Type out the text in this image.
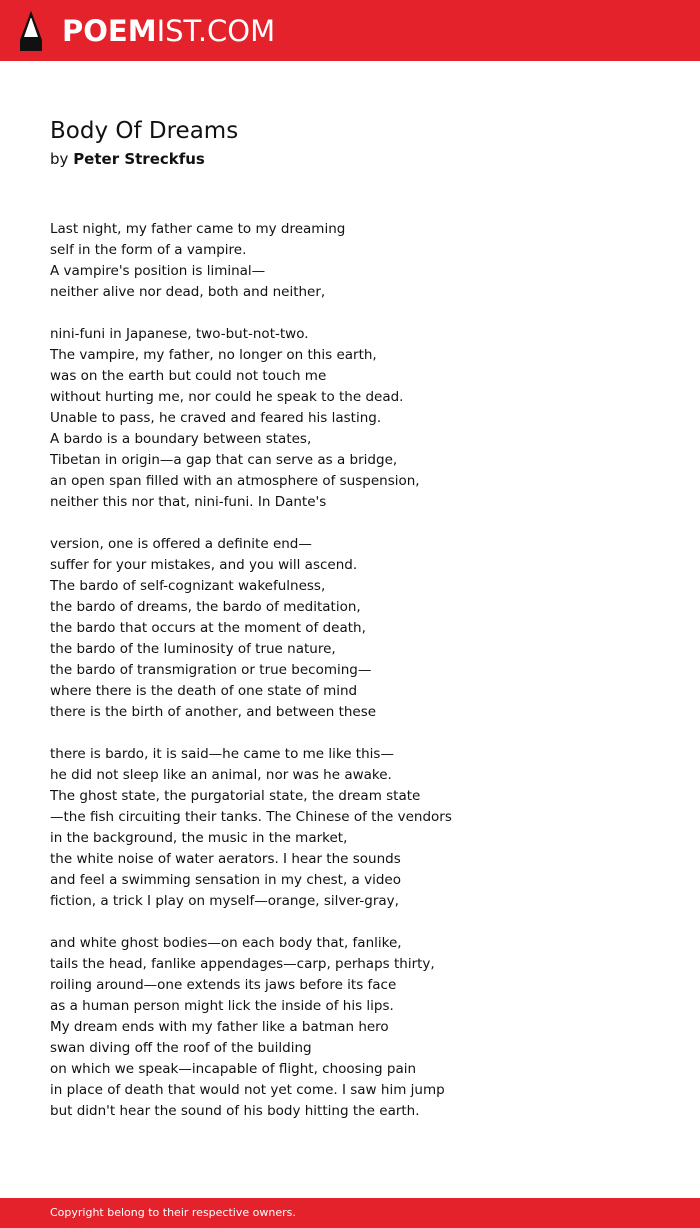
POEMIST.COM
Body Of Dreams
by Peter Streckfus
Last night, my father came to my dreaming
self in the form of a vampire.
A vampire's position is liminal—
neither alive nor dead, both and neither,
nini-funi in Japanese, two-but-not-two.
The vampire, my father, no longer on this earth,
was on the earth but could not touch me
without hurting me, nor could he speak to the dead.
Unable to pass, he craved and feared his lasting.
A bardo is a boundary between states,
Tibetan in origin—a gap that can serve as a bridge,
an open span filled with an atmosphere of suspension,
neither this nor that, nini-funi. In Dante's
version, one is offered a definite end—
suffer for your mistakes, and you will ascend.
The bardo of self-cognizant wakefulness,
the bardo of dreams, the bardo of meditation,
the bardo that occurs at the moment of death,
the bardo of the luminosity of true nature,
the bardo of transmigration or true becoming—
where there is the death of one state of mind
there is the birth of another, and between these
there is bardo, it is said—he came to me like this—
he did not sleep like an animal, nor was he awake.
The ghost state, the purgatorial state, the dream state
—the fish circuiting their tanks. The Chinese of the vendors
in the background, the music in the market,
the white noise of water aerators. I hear the sounds
and feel a swimming sensation in my chest, a video
fiction, a trick I play on myself—orange, silver-gray,
and white ghost bodies—on each body that, fanlike,
tails the head, fanlike appendages—carp, perhaps thirty,
roiling around—one extends its jaws before its face
as a human person might lick the inside of his lips.
My dream ends with my father like a batman hero
swan diving off the roof of the building
on which we speak—incapable of flight, choosing pain
in place of death that would not yet come. I saw him jump
but didn't hear the sound of his body hitting the earth.
Copyright belong to their respective owners.
